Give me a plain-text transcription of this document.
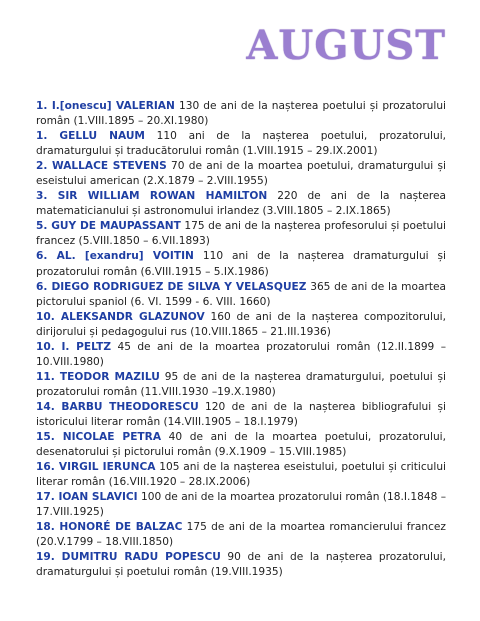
AUGUST

1. I.[onescu] VALERIAN 130 de ani de la nașterea poetului și prozatorului român (1.VIII.1895 – 20.XI.1980)

1. GELLU NAUM 110 ani de la nașterea poetului, prozatorului, dramaturgului și traducătorului român (1.VIII.1915 – 29.IX.2001)

2. WALLACE STEVENS 70 de ani de la moartea poetului, dramaturgului și eseistului american (2.X.1879 – 2.VIII.1955)

3. SIR WILLIAM ROWAN HAMILTON 220 de ani de la nașterea matematicianului și astronomului irlandez (3.VIII.1805 – 2.IX.1865)

5. GUY DE MAUPASSANT 175 de ani de la nașterea profesorului și poetului francez (5.VIII.1850 – 6.VII.1893)

6. AL. [exandru] VOITIN 110 ani de la nașterea dramaturgului și prozatorului român (6.VIII.1915 – 5.IX.1986)

6. DIEGO RODRIGUEZ DE SILVA Y VELASQUEZ 365 de ani de la moartea pictorului spaniol (6. VI. 1599 - 6. VIII. 1660)

10. ALEKSANDR GLAZUNOV 160 de ani de la nașterea compozitorului, dirijorului și pedagogului rus (10.VIII.1865 – 21.III.1936)

10. I. PELTZ 45 de ani de la moartea prozatorului român (12.II.1899 – 10.VIII.1980)

11. TEODOR MAZILU 95 de ani de la nașterea dramaturgului, poetului și prozatorului român (11.VIII.1930 –19.X.1980)

14. BARBU THEODORESCU 120 de ani de la nașterea bibliografului și istoricului literar român (14.VIII.1905 – 18.I.1979)

15. NICOLAE PETRA 40 de ani de la moartea poetului, prozatorului, desenatorului și pictorului român (9.X.1909 – 15.VIII.1985)

16. VIRGIL IERUNCA 105 ani de la nașterea eseistului, poetului și criticului literar român (16.VIII.1920 – 28.IX.2006)

17. IOAN SLAVICI 100 de ani de la moartea prozatorului român (18.I.1848 – 17.VIII.1925)

18. HONORÉ DE BALZAC 175 de ani de la moartea romancierului francez (20.V.1799 – 18.VIII.1850)

19. DUMITRU RADU POPESCU 90 de ani de la nașterea prozatorului, dramaturgului și poetului român (19.VIII.1935)
